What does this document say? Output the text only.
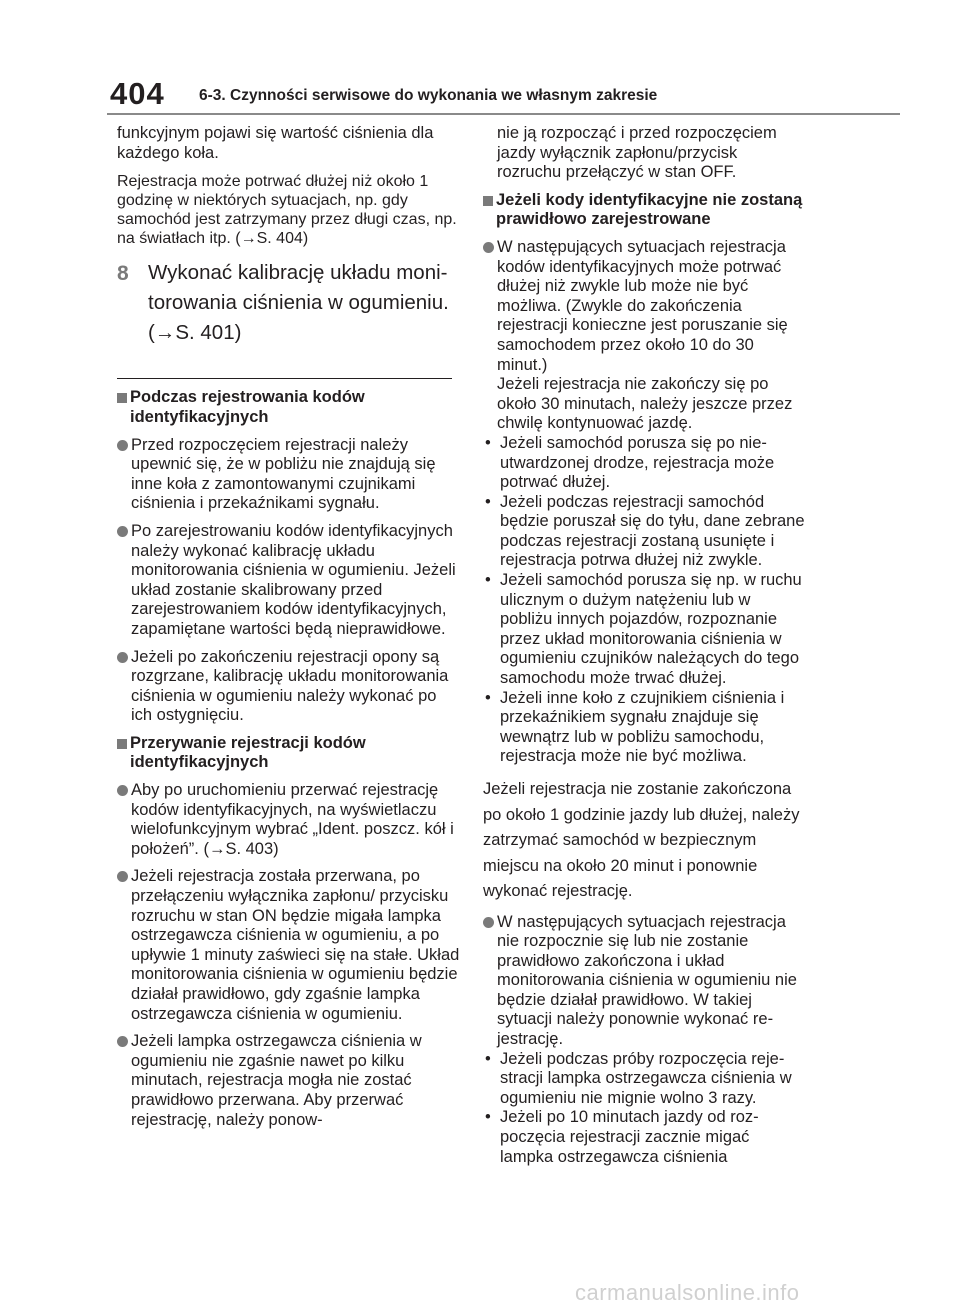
404 6-3. Czynności serwisowe do wykonania we własnym zakresie

funkcyjnym pojawi się wartość ciśnienia dla każdego koła.

Rejestracja może potrwać dłużej niż około 1 godzinę w niektórych sytuacjach, np. gdy samochód jest zatrzymany przez długi czas, np. na światłach itp. (→S. 404)

8 Wykonać kalibrację układu monitorowania ciśnienia w ogumieniu. (→S. 401)
Podczas rejestrowania kodów identyfikacyjnych
Przed rozpoczęciem rejestracji należy upewnić się, że w pobliżu nie znajdują się inne koła z zamontowanymi czujnikami ciśnienia i przekaźnikami sygnału.
Po zarejestrowaniu kodów identyfikacyjnych należy wykonać kalibrację układu monitorowania ciśnienia w ogumieniu. Jeżeli układ zostanie skalibrowany przed zarejestrowaniem kodów identyfikacyjnych, zapamiętane wartości będą nieprawidłowe.
Jeżeli po zakończeniu rejestracji opony są rozgrzane, kalibrację układu monitorowania ciśnienia w ogumieniu należy wykonać po ich ostygnięciu.
Przerywanie rejestracji kodów identyfikacyjnych
Aby po uruchomieniu przerwać rejestrację kodów identyfikacyjnych, na wyświetlaczu wielofunkcyjnym wybrać „Ident. poszcz. kół i położeń”. (→S. 403)
Jeżeli rejestracja została przerwana, po przełączeniu wyłącznika zapłonu/ przycisku rozruchu w stan ON będzie migała lampka ostrzegawcza ciśnienia w ogumieniu, a po upływie 1 minuty zaświeci się na stałe. Układ monitorowania ciśnienia w ogumieniu będzie działał prawidłowo, gdy zgaśnie lampka ostrzegawcza ciśnienia w ogumieniu.
Jeżeli lampka ostrzegawcza ciśnienia w ogumieniu nie zgaśnie nawet po kilku minutach, rejestracja mogła nie zostać prawidłowo przerwana. Aby przerwać rejestrację, należy ponow-

nie ją rozpocząć i przed rozpoczęciem jazdy wyłącznik zapłonu/przycisk rozruchu przełączyć w stan OFF.

Jeżeli kody identyfikacyjne nie zostaną prawidłowo zarejestrowane
W następujących sytuacjach rejestracja kodów identyfikacyjnych może potrwać dłużej niż zwykle lub może nie być możliwa. (Zwykle do zakończenia rejestracji konieczne jest poruszanie się samochodem przez około 10 do 30 minut.)
Jeżeli rejestracja nie zakończy się po około 30 minutach, należy jeszcze przez chwilę kontynuować jazdę.
• Jeżeli samochód porusza się po nieutwardzonej drodze, rejestracja może potrwać dłużej.
• Jeżeli podczas rejestracji samochód będzie poruszał się do tyłu, dane zebrane podczas rejestracji zostaną usunięte i rejestracja potrwa dłużej niż zwykle.
• Jeżeli samochód porusza się np. w ruchu ulicznym o dużym natężeniu lub w pobliżu innych pojazdów, rozpoznanie przez układ monitorowania ciśnienia w ogumieniu czujników należących do tego samochodu może trwać dłużej.
• Jeżeli inne koło z czujnikiem ciśnienia i przekaźnikiem sygnału znajduje się wewnątrz lub w pobliżu samochodu, rejestracja może nie być możliwa.

Jeżeli rejestracja nie zostanie zakończona po około 1 godzinie jazdy lub dłużej, należy zatrzymać samochód w bezpiecznym miejscu na około 20 minut i ponownie wykonać rejestrację.

W następujących sytuacjach rejestracja nie rozpocznie się lub nie zostanie prawidłowo zakończona i układ monitorowania ciśnienia w ogumieniu nie będzie działał prawidłowo. W takiej sytuacji należy ponownie wykonać rejestrację.
• Jeżeli podczas próby rozpoczęcia rejestracji lampka ostrzegawcza ciśnienia w ogumieniu nie mignie wolno 3 razy.
• Jeżeli po 10 minutach jazdy od rozpoczęcia rejestracji zacznie migać lampka ostrzegawcza ciśnienia
carmanualsonline.info
